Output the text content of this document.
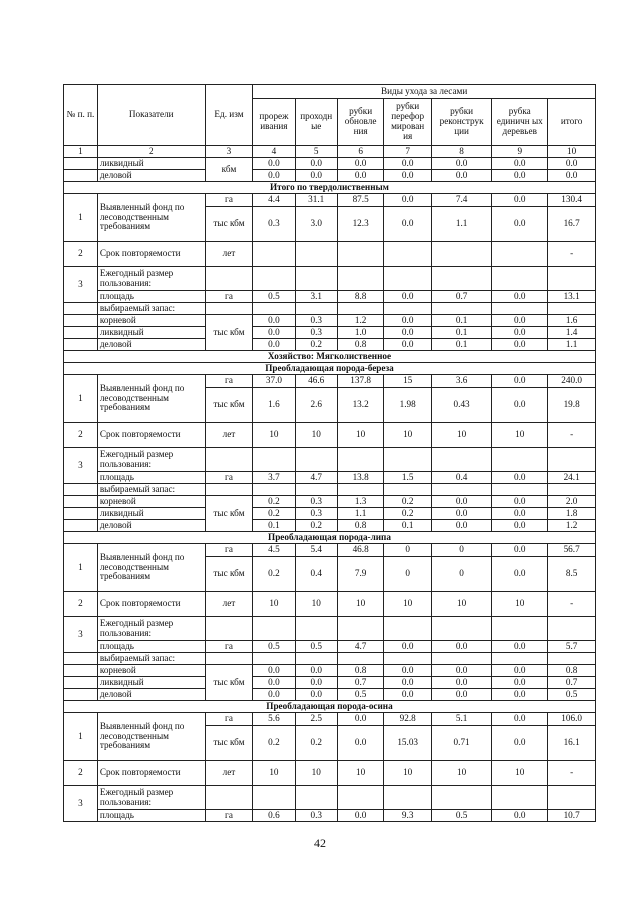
№ п. п.	Показатели	Ед. изм	Виды ухода за лесами						
			прореж ивания	проходн ые	рубки обновле ния	рубки перефор мирован ия	рубки реконструк ции	рубка единичн ых деревьев	итого
1	2	3	4	5	6	7	8	9	10
	ликвидный	кбм	0.0	0.0	0.0	0.0	0.0	0.0	0.0
	деловой		0.0	0.0	0.0	0.0	0.0	0.0	0.0
Итого по твердолиственным									
1	Выявленный фонд по лесоводственным требованиям	га	4.4	31.1	87.5	0.0	7.4	0.0	130.4
		тыс кбм	0.3	3.0	12.3	0.0	1.1	0.0	16.7
2	Срок повторяемости	лет							-
3	Ежегодный размер пользования:								
	площадь	га	0.5	3.1	8.8	0.0	0.7	0.0	13.1
	выбираемый запас:								
	корневой	тыс кбм	0.0	0.3	1.2	0.0	0.1	0.0	1.6
	ликвидный		0.0	0.3	1.0	0.0	0.1	0.0	1.4
	деловой		0.0	0.2	0.8	0.0	0.1	0.0	1.1
Хозяйство: Мягколиственное									
Преобладающая порода-береза									
1	Выявленный фонд по лесоводственным требованиям	га	37.0	46.6	137.8	15	3.6	0.0	240.0
		тыс кбм	1.6	2.6	13.2	1.98	0.43	0.0	19.8
2	Срок повторяемости	лет	10	10	10	10	10	10	-
3	Ежегодный размер пользования:								
	площадь	га	3.7	4.7	13.8	1.5	0.4	0.0	24.1
	выбираемый запас:								
	корневой	тыс кбм	0.2	0.3	1.3	0.2	0.0	0.0	2.0
	ликвидный		0.2	0.3	1.1	0.2	0.0	0.0	1.8
	деловой		0.1	0.2	0.8	0.1	0.0	0.0	1.2
Преобладающая порода-липа									
1	Выявленный фонд по лесоводственным требованиям	га	4.5	5.4	46.8	0	0	0.0	56.7
		тыс кбм	0.2	0.4	7.9	0	0	0.0	8.5
2	Срок повторяемости	лет	10	10	10	10	10	10	-
3	Ежегодный размер пользования:								
	площадь	га	0.5	0.5	4.7	0.0	0.0	0.0	5.7
	выбираемый запас:								
	корневой	тыс кбм	0.0	0.0	0.8	0.0	0.0	0.0	0.8
	ликвидный		0.0	0.0	0.7	0.0	0.0	0.0	0.7
	деловой		0.0	0.0	0.5	0.0	0.0	0.0	0.5
Преобладающая порода-осина									
1	Выявленный фонд по лесоводственным требованиям	га	5.6	2.5	0.0	92.8	5.1	0.0	106.0
		тыс кбм	0.2	0.2	0.0	15.03	0.71	0.0	16.1
2	Срок повторяемости	лет	10	10	10	10	10	10	-
3	Ежегодный размер пользования:								
	площадь	га	0.6	0.3	0.0	9.3	0.5	0.0	10.7
42
